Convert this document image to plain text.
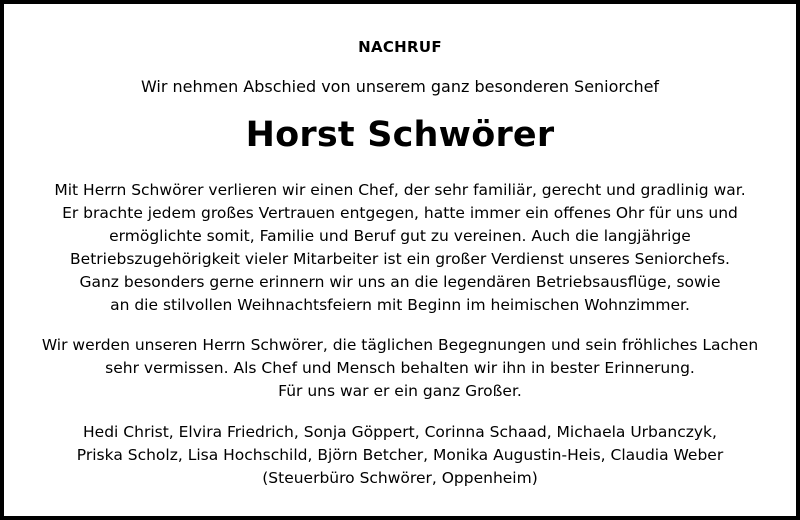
NACHRUF
Wir nehmen Abschied von unserem ganz besonderen Seniorchef
Horst Schwörer
Mit Herrn Schwörer verlieren wir einen Chef, der sehr familiär, gerecht und gradlinig war.
Er brachte jedem großes Vertrauen entgegen, hatte immer ein offenes Ohr für uns und
ermöglichte somit, Familie und Beruf gut zu vereinen. Auch die langjährige
Betriebszugehörigkeit vieler Mitarbeiter ist ein großer Verdienst unseres Seniorchefs.
Ganz besonders gerne erinnern wir uns an die legendären Betriebsausflüge, sowie
an die stilvollen Weihnachtsfeiern mit Beginn im heimischen Wohnzimmer.
Wir werden unseren Herrn Schwörer, die täglichen Begegnungen und sein fröhliches Lachen
sehr vermissen. Als Chef und Mensch behalten wir ihn in bester Erinnerung.
Für uns war er ein ganz Großer.
Hedi Christ, Elvira Friedrich, Sonja Göppert, Corinna Schaad, Michaela Urbanczyk,
Priska Scholz, Lisa Hochschild, Björn Betcher, Monika Augustin-Heis, Claudia Weber
(Steuerbüro Schwörer, Oppenheim)
